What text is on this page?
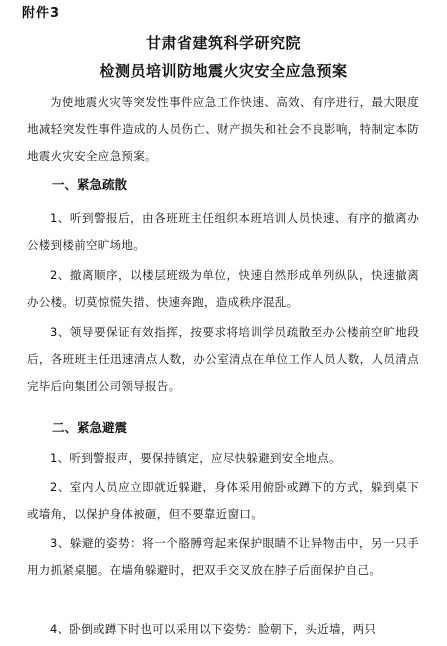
附件3
甘肃省建筑科学研究院
检测员培训防地震火灾安全应急预案

为使地震火灾等突发性事件应急工作快速、高效、有序进行，最大限度地减轻突发性事件造成的人员伤亡、财产损失和社会不良影响，特制定本防地震火灾安全应急预案。

一、紧急疏散

1、听到警报后，由各班班主任组织本班培训人员快速、有序的撤离办公楼到楼前空旷场地。

2、撤离顺序，以楼层班级为单位，快速自然形成单列纵队，快速撤离办公楼。切莫惊慌失措、快速奔跑，造成秩序混乱。

3、领导要保证有效指挥，按要求将培训学员疏散至办公楼前空旷地段后，各班班主任迅速清点人数，办公室清点在单位工作人员人数，人员清点完毕后向集团公司领导报告。

二、紧急避震

1、听到警报声，要保持镇定，应尽快躲避到安全地点。

2、室内人员应立即就近躲避，身体采用俯卧或蹲下的方式，躲到桌下或墙角，以保护身体被砸，但不要靠近窗口。

3、躲避的姿势：将一个胳膊弯起来保护眼睛不让异物击中，另一只手用力抓紧桌腿。在墙角躲避时，把双手交叉放在脖子后面保护自己。

4、卧倒或蹲下时也可以采用以下姿势：脸朝下，头近墙，两只
